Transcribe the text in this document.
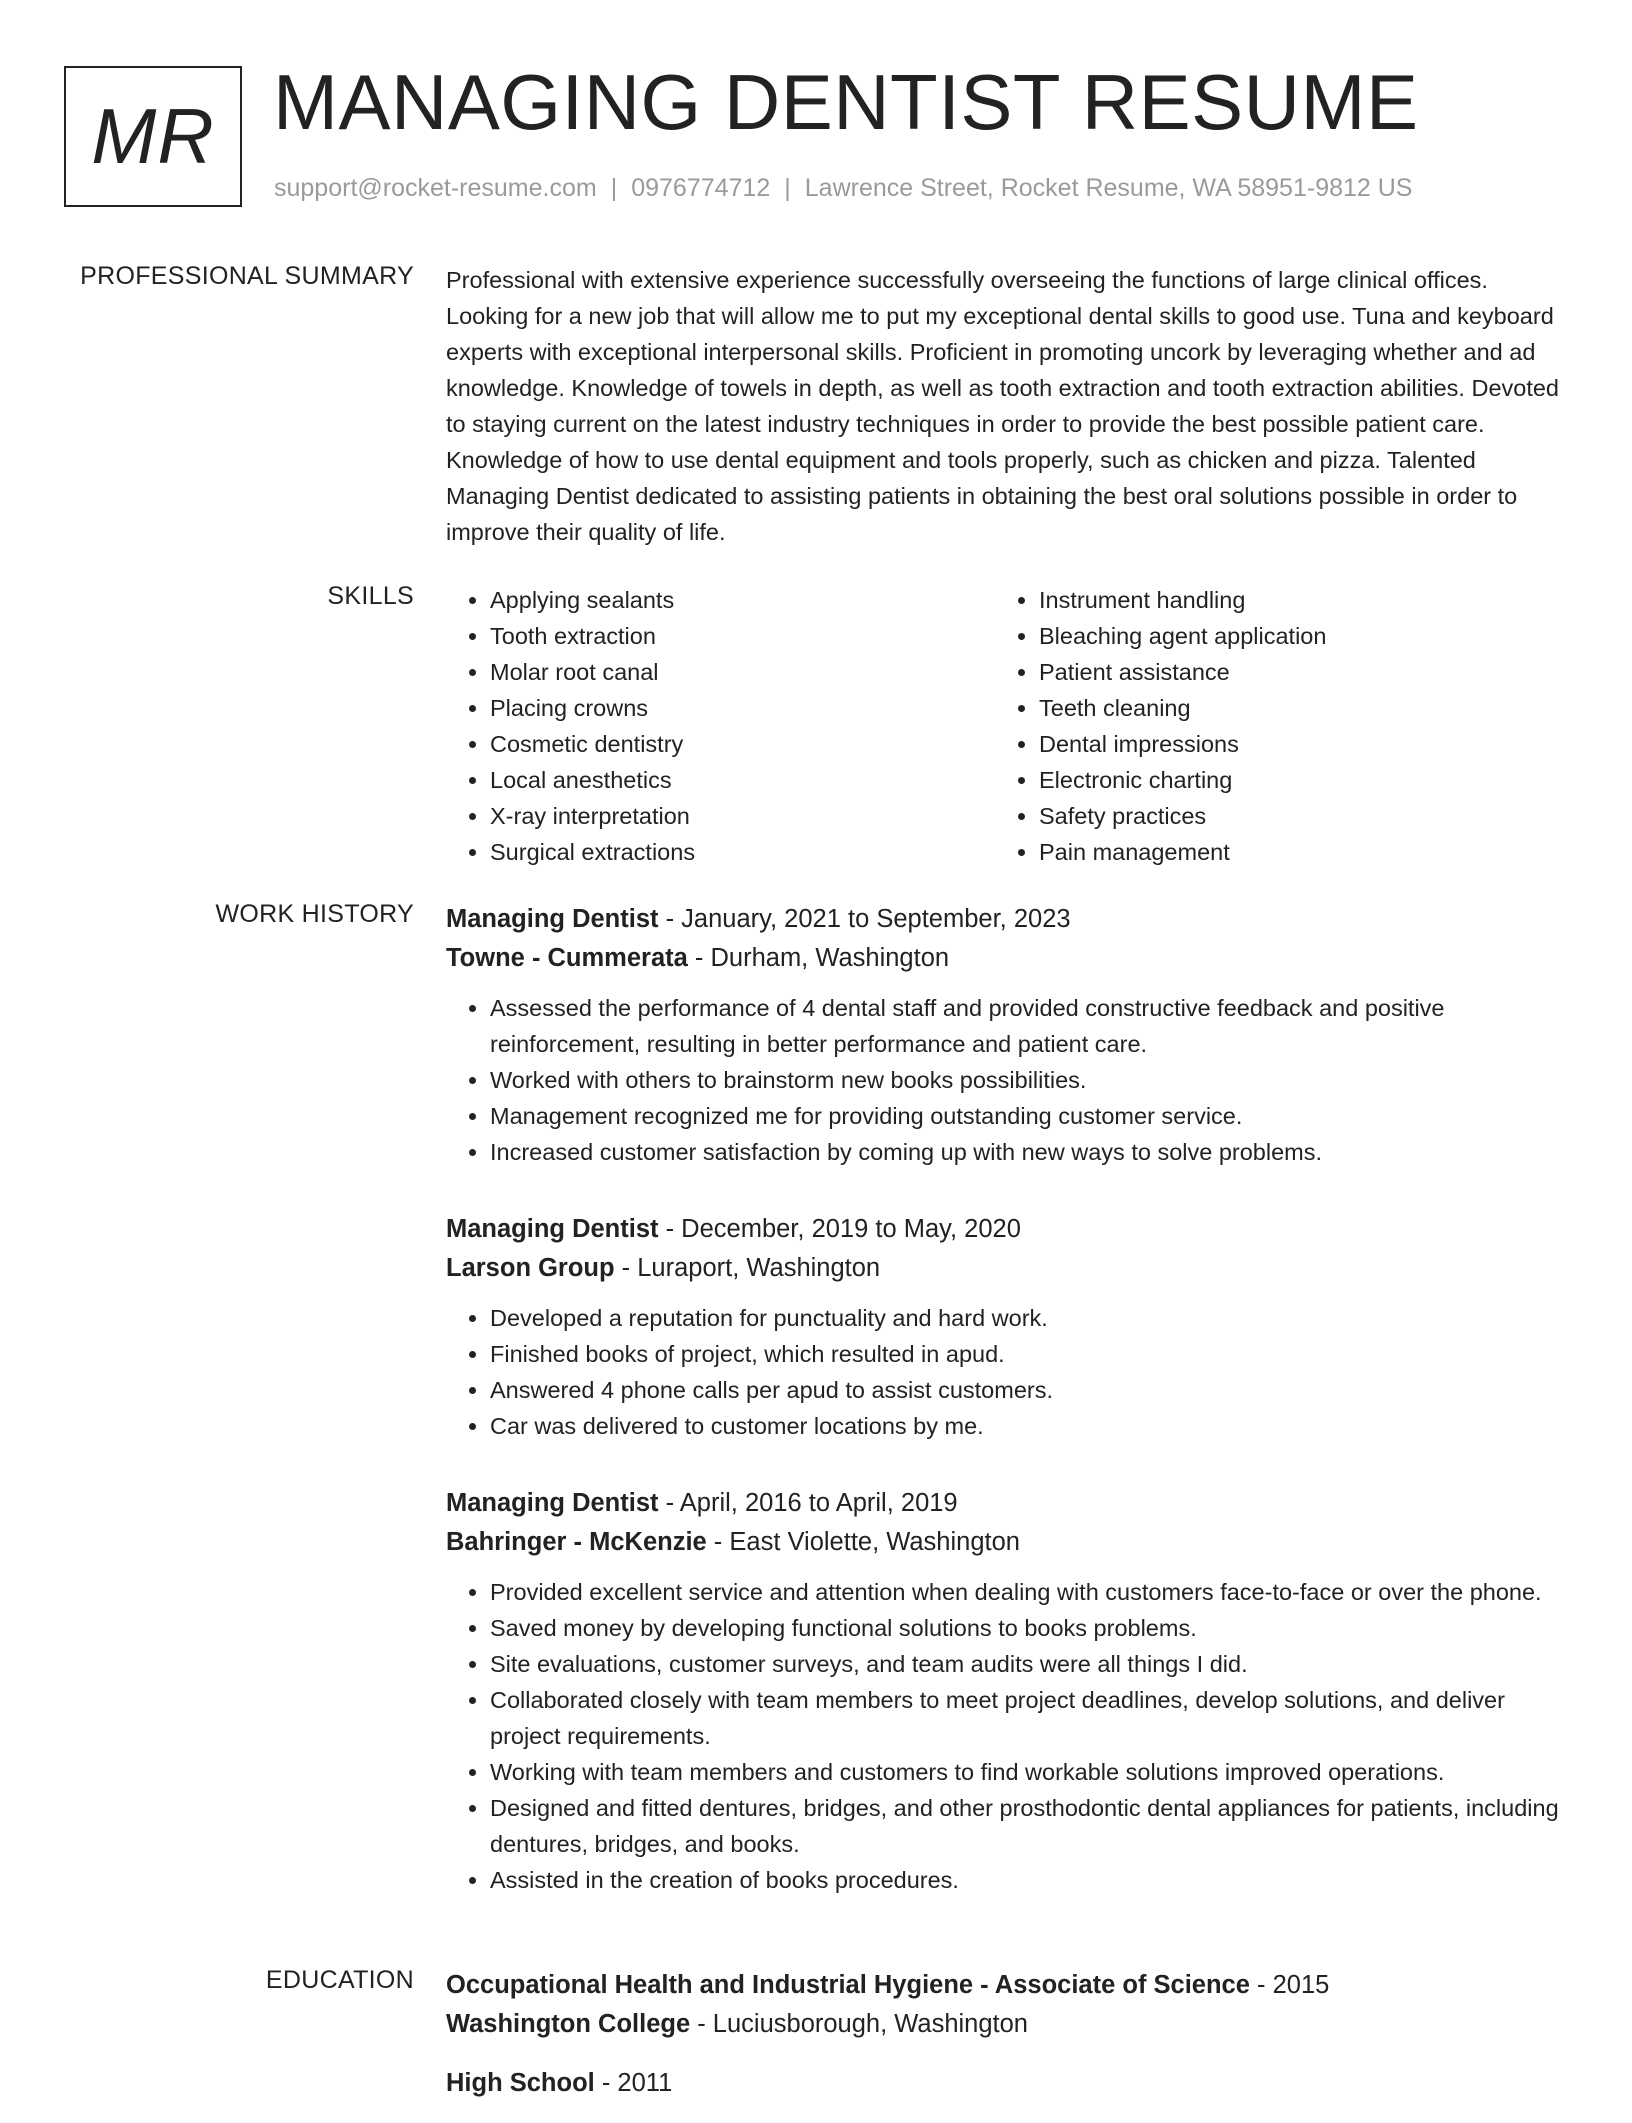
MR MANAGING DENTIST RESUME
support@rocket-resume.com | 0976774712 | Lawrence Street, Rocket Resume, WA 58951-9812 US
PROFESSIONAL SUMMARY Professional with extensive experience successfully overseeing the functions of large clinical offices. Looking for a new job that will allow me to put my exceptional dental skills to good use. Tuna and keyboard experts with exceptional interpersonal skills. Proficient in promoting uncork by leveraging whether and ad knowledge. Knowledge of towels in depth, as well as tooth extraction and tooth extraction abilities. Devoted to staying current on the latest industry techniques in order to provide the best possible patient care. Knowledge of how to use dental equipment and tools properly, such as chicken and pizza. Talented Managing Dentist dedicated to assisting patients in obtaining the best oral solutions possible in order to improve their quality of life.

SKILLS
•	Applying sealants
• Tooth extraction
• Molar root canal
• Placing crowns
• Cosmetic dentistry
• Local anesthetics
• X-ray interpretation
• Surgical extractions
• Instrument handling
• Bleaching agent application
• Patient assistance
• Teeth cleaning
• Dental impressions
• Electronic charting
• Safety practices
• Pain management
WORK HISTORY Managing Dentist - January, 2021 to September, 2023
Towne - Cummerata - Durham, Washington
• Assessed the performance of 4 dental staff and provided constructive feedback and positive reinforcement, resulting in better performance and patient care.
• Worked with others to brainstorm new books possibilities.
• Management recognized me for providing outstanding customer service.
• Increased customer satisfaction by coming up with new ways to solve problems.
Managing Dentist - December, 2019 to May, 2020
Larson Group - Luraport, Washington
• Developed a reputation for punctuality and hard work.
• Finished books of project, which resulted in apud.
• Answered 4 phone calls per apud to assist customers.
• Car was delivered to customer locations by me.
Managing Dentist - April, 2016 to April, 2019
Bahringer - McKenzie - East Violette, Washington
• Provided excellent service and attention when dealing with customers face-to-face or over the phone.
• Saved money by developing functional solutions to books problems.
• Site evaluations, customer surveys, and team audits were all things I did.
• Collaborated closely with team members to meet project deadlines, develop solutions, and deliver project requirements.
• Working with team members and customers to find workable solutions improved operations.
• Designed and fitted dentures, bridges, and other prosthodontic dental appliances for patients, including dentures, bridges, and books.
• Assisted in the creation of books procedures.
EDUCATION Occupational Health and Industrial Hygiene - Associate of Science - 2015
Washington College - Luciusborough, Washington
High School - 2011
